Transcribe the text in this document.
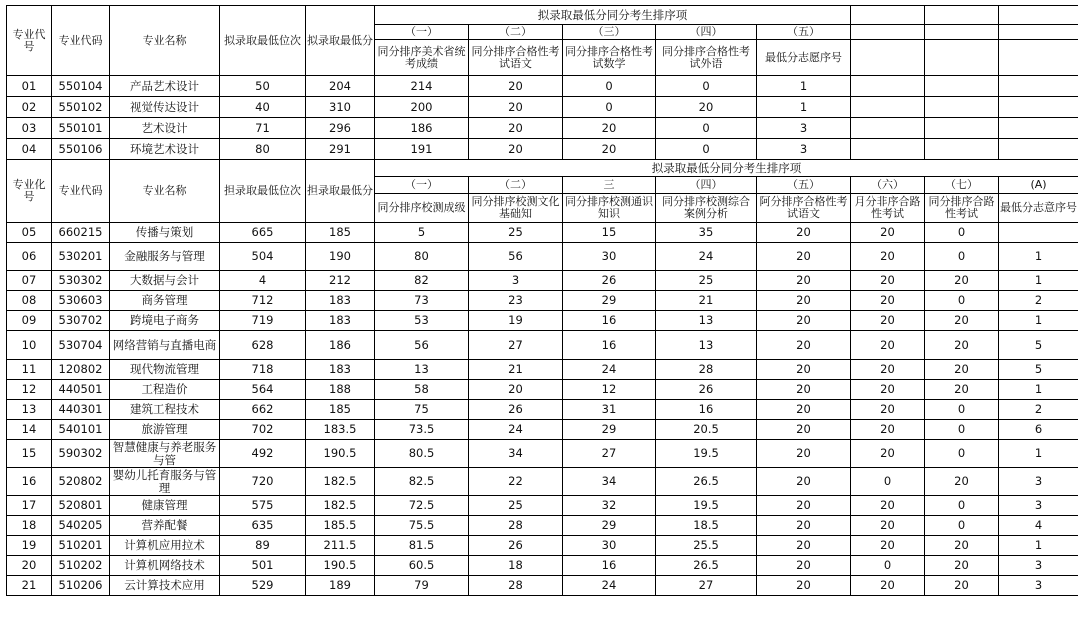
专业代号	专业代码	专业名称	拟录取最低位次	拟录取最低分	拟录取最低分同分考生排序项							
					（一）	（二）	（三）	（四）	（五）			
					同分排序美术省统考成绩	同分排序合格性考试语文	同分排序合格性考试数学	同分排序合格性考试外语	最低分志愿序号			
01	550104	产品艺术设计	50	204	214	20	0	0	1			
02	550102	视觉传达设计	40	310	200	20	0	20	1			
03	550101	艺术设计	71	296	186	20	20	0	3			
04	550106	环境艺术设计	80	291	191	20	20	0	3			
专业化号	专业代码	专业名称	担录取最低位次	担录取最低分	拟录取最低分同分考生排序项							
					（一）	（二）	三	（四）	（五）	（六）	（七）	(A)
					同分排序校测成级	同分排序校测文化基础知	同分排序校测通识知识	同分排序校测综合案例分析	阿分排序合格性考试语文	月分非序合路性考试	同分排序合路性考试	最低分志意序号
05	660215	传播与策划	665	185	5	25	15	35	20	20	0	
06	530201	金融服务与管理	504	190	80	56	30	24	20	20	0	1
07	530302	大数据与会计	4	212	82	3	26	25	20	20	20	1
08	530603	商务管理	712	183	73	23	29	21	20	20	0	2
09	530702	跨境电子商务	719	183	53	19	16	13	20	20	20	1
10	530704	网络营销与直播电商	628	186	56	27	16	13	20	20	20	5
11	120802	现代物流管理	718	183	13	21	24	28	20	20	20	5
12	440501	工程造价	564	188	58	20	12	26	20	20	20	1
13	440301	建筑工程技术	662	185	75	26	31	16	20	20	0	2
14	540101	旅游管理	702	183.5	73.5	24	29	20.5	20	20	0	6
15	590302	智慧健康与养老服务与管	492	190.5	80.5	34	27	19.5	20	20	0	1
16	520802	婴幼儿托育服务与管理	720	182.5	82.5	22	34	26.5	20	0	20	3
17	520801	健康管理	575	182.5	72.5	25	32	19.5	20	20	0	3
18	540205	营养配餐	635	185.5	75.5	28	29	18.5	20	20	0	4
19	510201	计算机应用拉术	89	211.5	81.5	26	30	25.5	20	20	20	1
20	510202	计算机网络技术	501	190.5	60.5	18	16	26.5	20	0	20	3
21	510206	云计算技术应用	529	189	79	28	24	27	20	20	20	3
